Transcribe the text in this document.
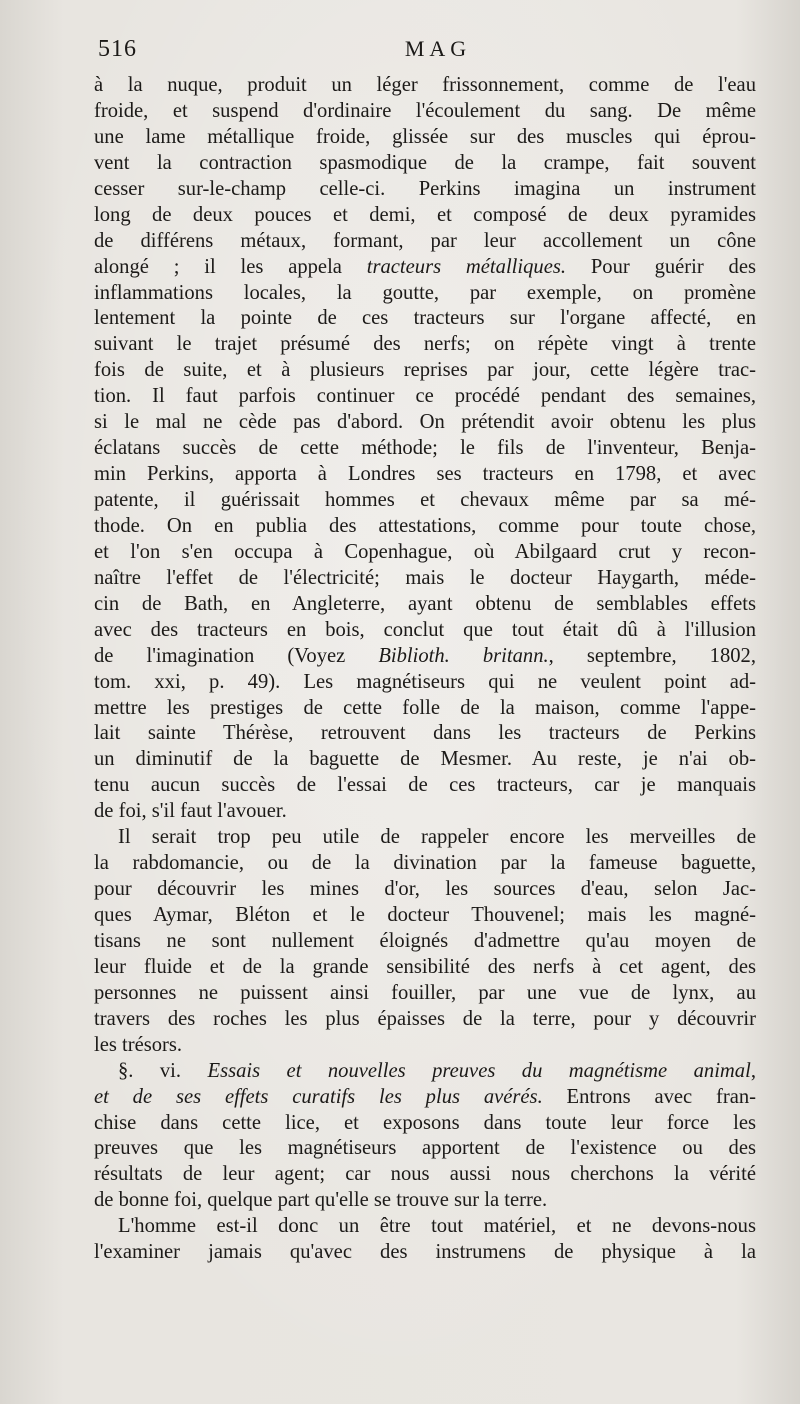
516	MAG
à la nuque, produit un léger frissonnement, comme de l'eau
froide, et suspend d'ordinaire l'écoulement du sang. De même
une lame métallique froide, glissée sur des muscles qui éprou-
vent la contraction spasmodique de la crampe, fait souvent
cesser sur-le-champ celle-ci. Perkins imagina un instrument
long de deux pouces et demi, et composé de deux pyramides
de différens métaux, formant, par leur accollement un cône
alongé ; il les appela tracteurs métalliques. Pour guérir des
inflammations locales, la goutte, par exemple, on promène
lentement la pointe de ces tracteurs sur l'organe affecté, en
suivant le trajet présumé des nerfs; on répète vingt à trente
fois de suite, et à plusieurs reprises par jour, cette légère trac-
tion. Il faut parfois continuer ce procédé pendant des semaines,
si le mal ne cède pas d'abord. On prétendit avoir obtenu les plus
éclatans succès de cette méthode; le fils de l'inventeur, Benja-
min Perkins, apporta à Londres ses tracteurs en 1798, et avec
patente, il guérissait hommes et chevaux même par sa mé-
thode. On en publia des attestations, comme pour toute chose,
et l'on s'en occupa à Copenhague, où Abilgaard crut y recon-
naître l'effet de l'électricité; mais le docteur Haygarth, méde-
cin de Bath, en Angleterre, ayant obtenu de semblables effets
avec des tracteurs en bois, conclut que tout était dû à l'illusion
de l'imagination (Voyez Biblioth. britann., septembre, 1802,
tom. xxi, p. 49). Les magnétiseurs qui ne veulent point ad-
mettre les prestiges de cette folle de la maison, comme l'appe-
lait sainte Thérèse, retrouvent dans les tracteurs de Perkins
un diminutif de la baguette de Mesmer. Au reste, je n'ai ob-
tenu aucun succès de l'essai de ces tracteurs, car je manquais
de foi, s'il faut l'avouer.
Il serait trop peu utile de rappeler encore les merveilles de
la rabdomancie, ou de la divination par la fameuse baguette,
pour découvrir les mines d'or, les sources d'eau, selon Jac-
ques Aymar, Bléton et le docteur Thouvenel; mais les magné-
tisans ne sont nullement éloignés d'admettre qu'au moyen de
leur fluide et de la grande sensibilité des nerfs à cet agent, des
personnes ne puissent ainsi fouiller, par une vue de lynx, au
travers des roches les plus épaisses de la terre, pour y découvrir
les trésors.
§. vi. Essais et nouvelles preuves du magnétisme animal,
et de ses effets curatifs les plus avérés. Entrons avec fran-
chise dans cette lice, et exposons dans toute leur force les
preuves que les magnétiseurs apportent de l'existence ou des
résultats de leur agent; car nous aussi nous cherchons la vérité
de bonne foi, quelque part qu'elle se trouve sur la terre.
L'homme est-il donc un être tout matériel, et ne devons-nous
l'examiner jamais qu'avec des instrumens de physique à la
